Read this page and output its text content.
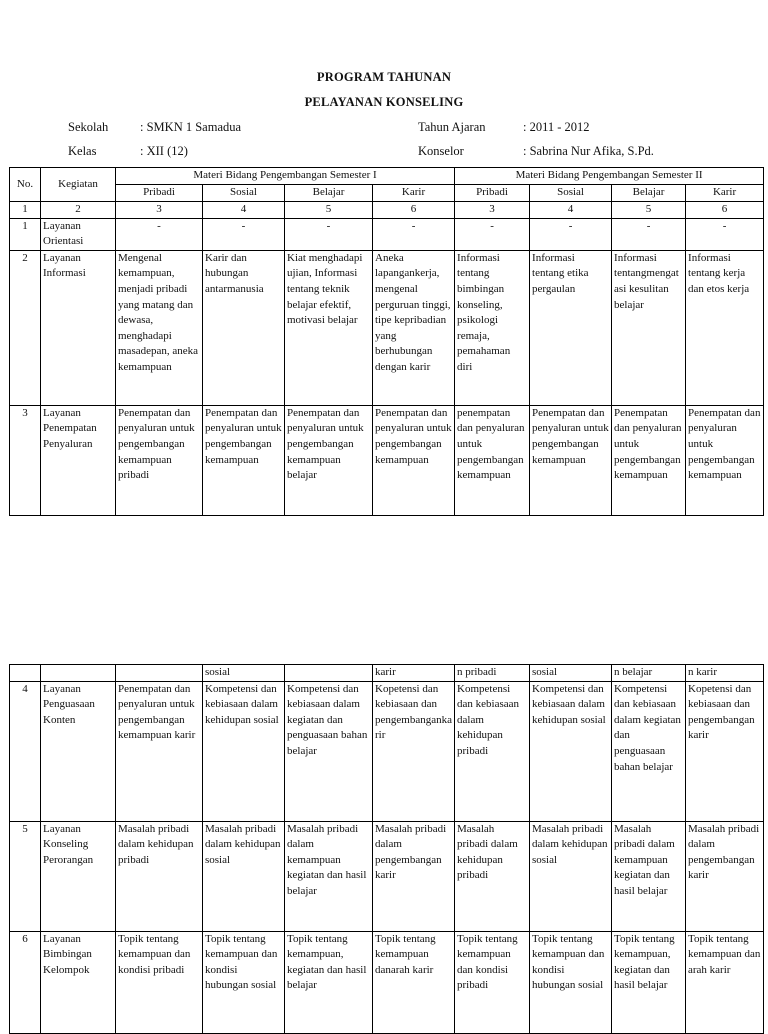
PROGRAM TAHUNAN
PELAYANAN KONSELING
Sekolah	: SMKN 1 Samadua	Tahun Ajaran	: 2011 - 2012
Kelas	: XII (12)	Konselor	: Sabrina Nur Afika, S.Pd.
No.	Kegiatan	Materi Bidang Pengembangan Semester I				Materi Bidang Pengembangan Semester II			
		Pribadi	Sosial	Belajar	Karir	Pribadi	Sosial	Belajar	Karir
1	2	3	4	5	6	3	4	5	6
1	Layanan Orientasi	-	-	-	-	-	-	-	-
2	Layanan Informasi	Mengenal kemampuan, menjadi pribadi yang matang dan dewasa, menghadapi masadepan, aneka kemampuan	Karir dan hubungan antarmanusia	Kiat menghadapi ujian, Informasi tentang teknik belajar efektif, motivasi belajar	Aneka lapangankerja, mengenal perguruan tinggi, tipe kepribadian yang berhubungan dengan karir	Informasi tentang bimbingan konseling, psikologi remaja, pemahaman diri	Informasi tentang etika pergaulan	Informasi tentangmengatasi kesulitan belajar	Informasi tentang kerja dan etos kerja
3	Layanan Penempatan Penyaluran	Penempatan dan penyaluran untuk pengembangan kemampuan pribadi	Penempatan dan penyaluran untuk pengembangan kemampuan	Penempatan dan penyaluran untuk pengembangan kemampuan belajar	Penempatan dan penyaluran untuk pengembangan kemampuan	penempatan dan penyaluran untuk pengembangan kemampuan	Penempatan dan penyaluran untuk pengembangan kemampuan	Penempatan dan penyaluran untuk pengembangan kemampuan	Penempatan dan penyaluran untuk pengembangan kemampuan
			sosial		karir	n pribadi	sosial	n belajar	n karir
4	Layanan Penguasaan Konten	Penempatan dan penyaluran untuk pengembangan kemampuan karir	Kompetensi dan kebiasaan dalam kehidupan sosial	Kompetensi dan kebiasaan dalam kegiatan dan penguasaan bahan belajar	Kopetensi dan kebiasaan dan pengembangankarir	Kompetensi dan kebiasaan dalam kehidupan pribadi	Kompetensi dan kebiasaan dalam kehidupan sosial	Kompetensi dan kebiasaan dalam kegiatan dan penguasaan bahan belajar	Kopetensi dan kebiasaan dan pengembangan karir
5	Layanan Konseling Perorangan	Masalah pribadi dalam kehidupan pribadi	Masalah pribadi dalam kehidupan sosial	Masalah pribadi dalam kemampuan kegiatan dan hasil belajar	Masalah pribadi dalam pengembangan karir	Masalah pribadi dalam kehidupan pribadi	Masalah pribadi dalam kehidupan sosial	Masalah pribadi dalam kemampuan kegiatan dan hasil belajar	Masalah pribadi dalam pengembangan karir
6	Layanan Bimbingan Kelompok	Topik tentang kemampuan dan kondisi pribadi	Topik tentang kemampuan dan kondisi hubungan sosial	Topik tentang kemampuan, kegiatan dan hasil belajar	Topik tentang kemampuan danarah karir	Topik tentang kemampuan dan kondisi pribadi	Topik tentang kemampuan dan kondisi hubungan sosial	Topik tentang kemampuan, kegiatan dan hasil belajar	Topik tentang kemampuan dan arah karir
